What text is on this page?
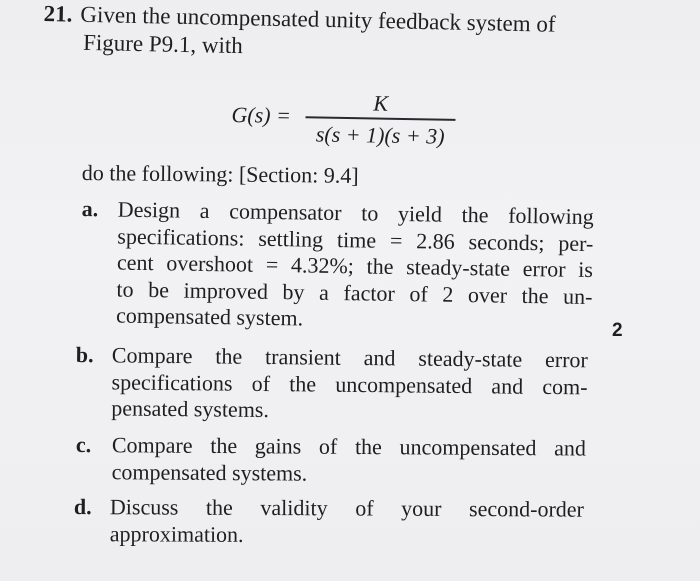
21. Given the uncompensated unity feedback system of
Figure P9.1, with
G(s) =	K
s(s + 1)(s + 3)
do the following: [Section: 9.4]
a. Design a compensator to yield the following
specifications: settling time = 2.86 seconds; per-
cent overshoot = 4.32%; the steady-state error is
to be improved by a factor of 2 over the un-
compensated system.
b. Compare the transient and steady-state error
specifications of the uncompensated and com-
pensated systems.
c. Compare the gains of the uncompensated and
compensated systems.
d. Discuss the validity of your second-order
approximation.
2
